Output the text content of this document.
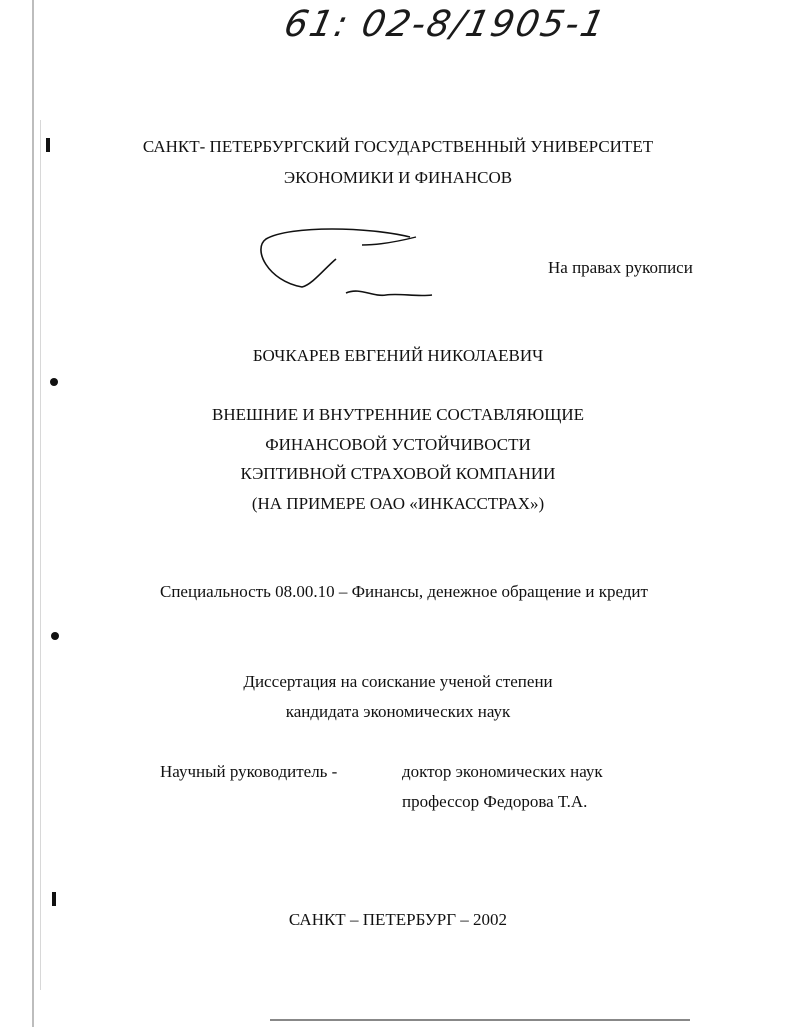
61: 02-8/1905-1
САНКТ- ПЕТЕРБУРГСКИЙ ГОСУДАРСТВЕННЫЙ УНИВЕРСИТЕТ
ЭКОНОМИКИ И ФИНАНСОВ
На правах рукописи
БОЧКАРЕВ ЕВГЕНИЙ НИКОЛАЕВИЧ
ВНЕШНИЕ И ВНУТРЕННИЕ СОСТАВЛЯЮЩИЕ
ФИНАНСОВОЙ УСТОЙЧИВОСТИ
КЭПТИВНОЙ СТРАХОВОЙ КОМПАНИИ
(НА ПРИМЕРЕ ОАО «ИНКАССТРАХ»)
Специальность 08.00.10 – Финансы, денежное обращение и кредит
Диссертация на соискание ученой степени
кандидата экономических наук
Научный руководитель -	доктор экономических наук
профессор Федорова Т.А.
САНКТ – ПЕТЕРБУРГ – 2002
